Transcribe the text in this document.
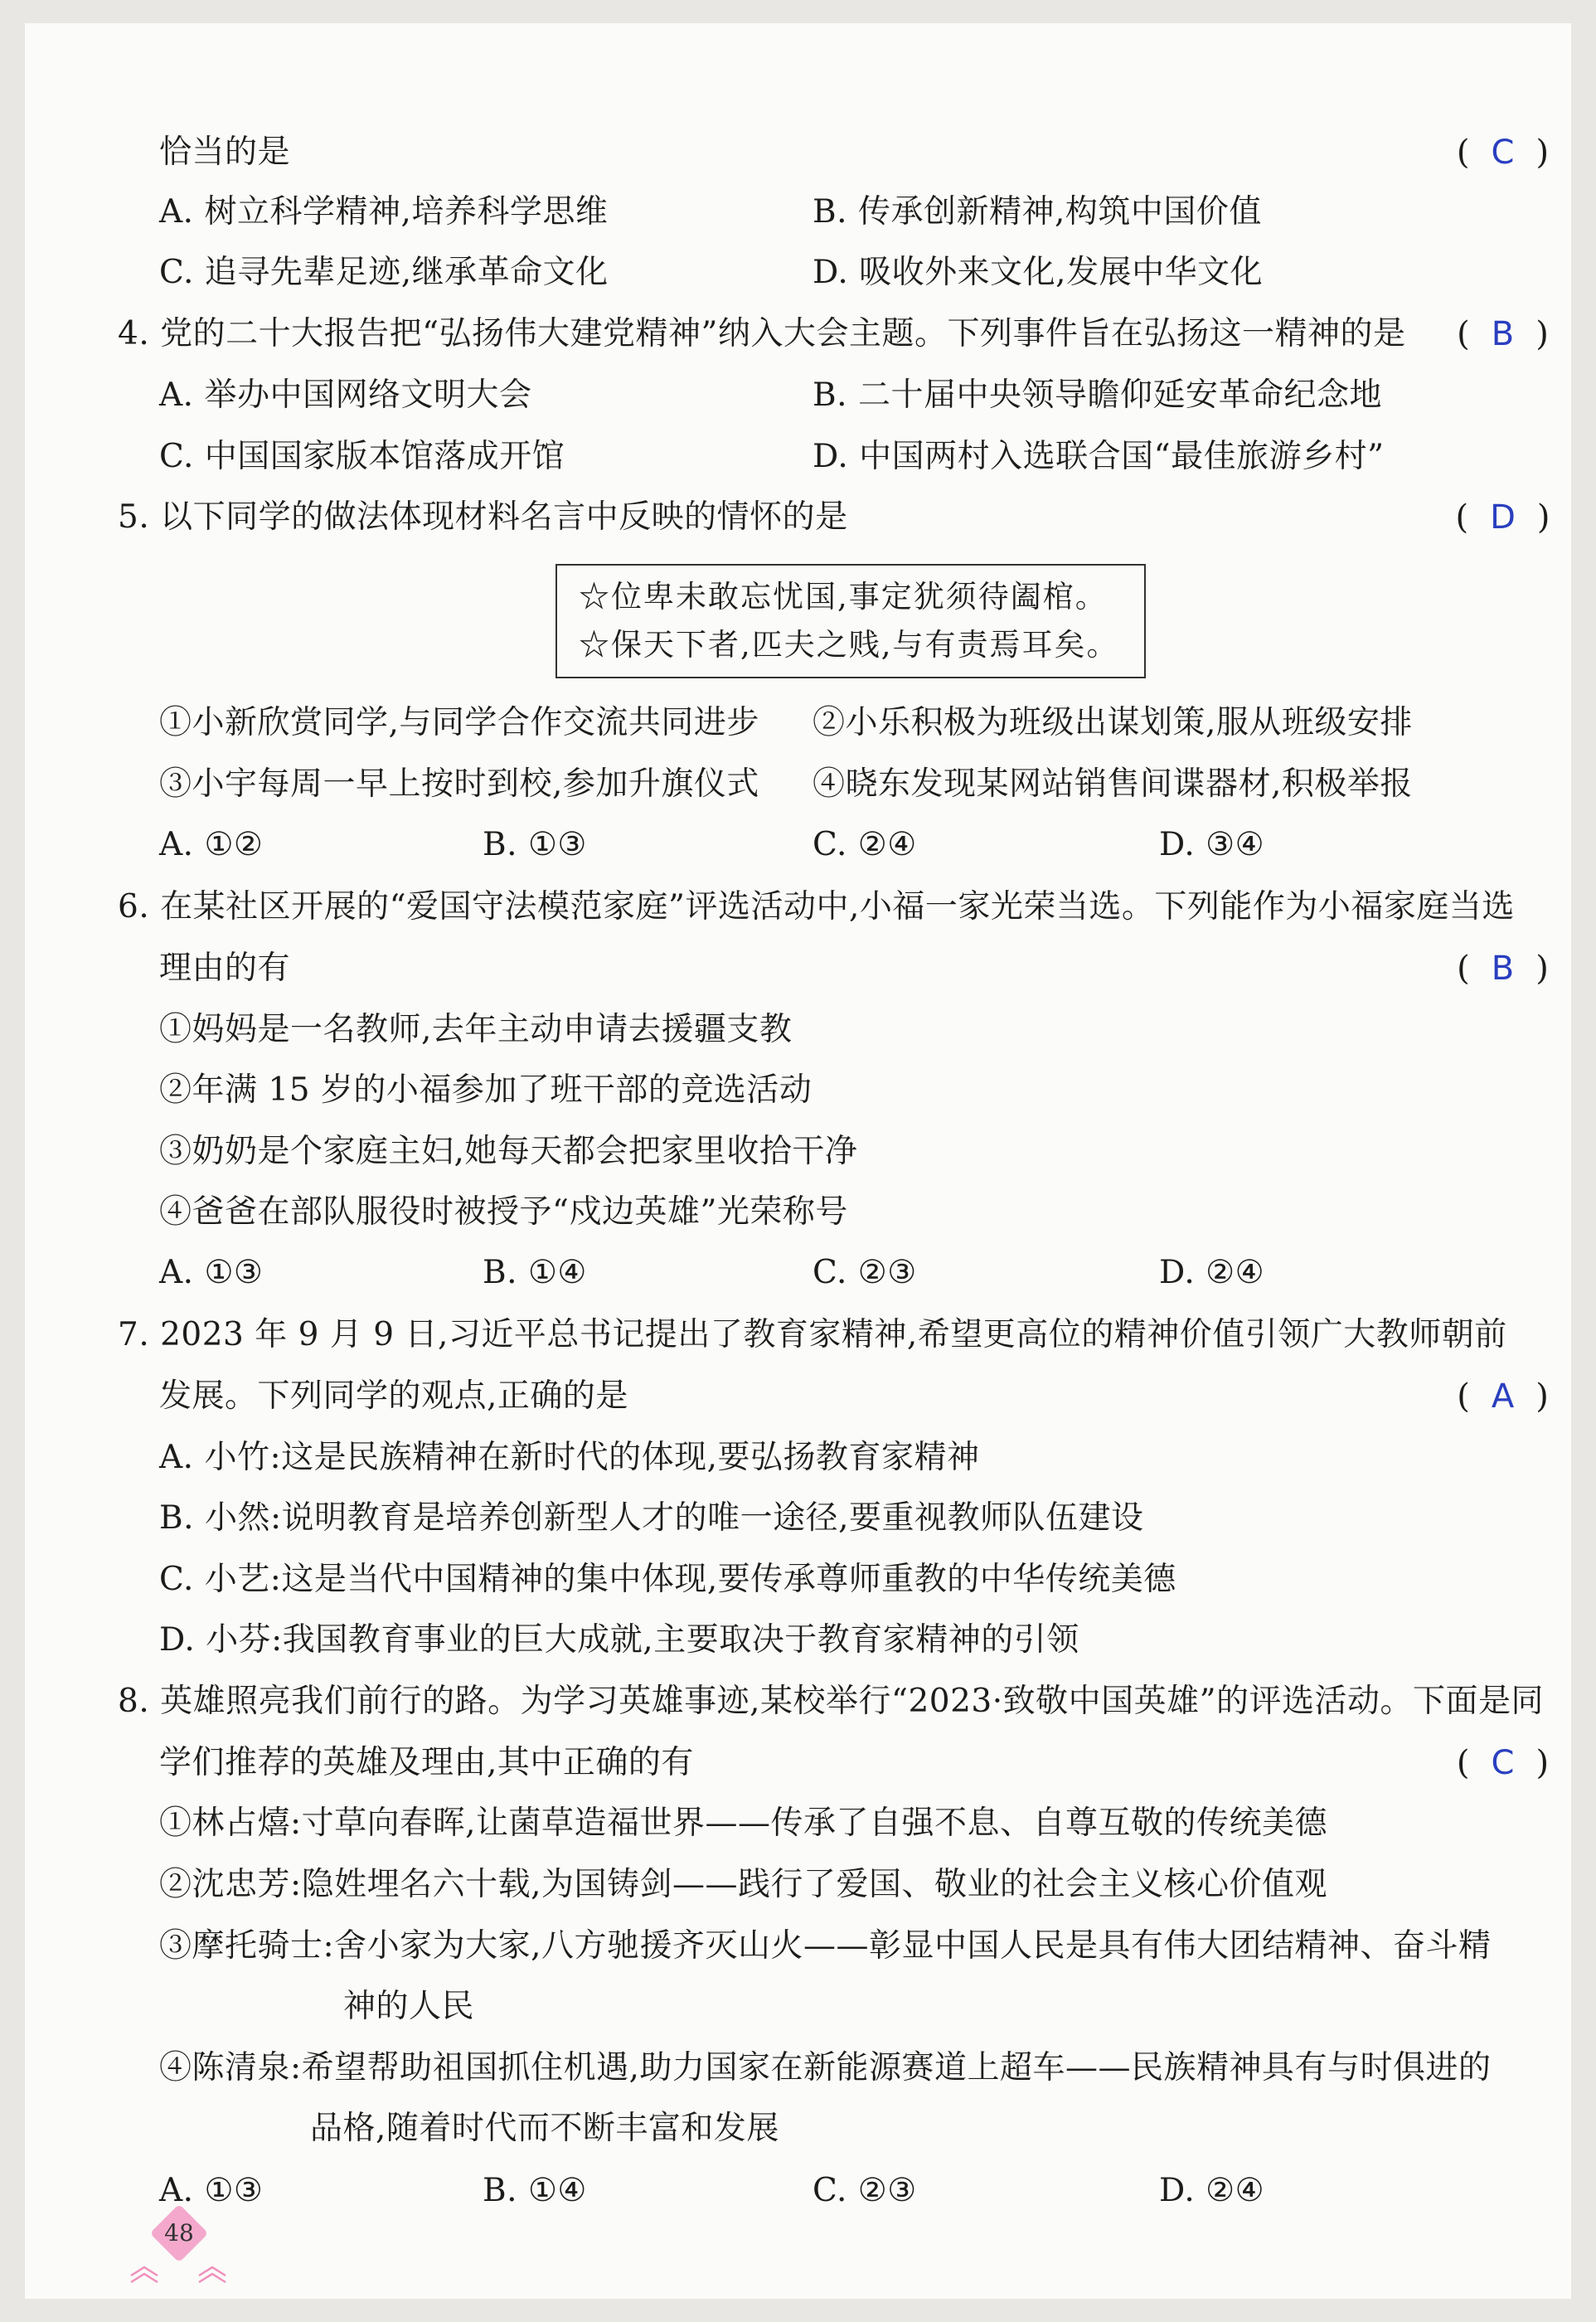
恰当的是	( C )
A. 树立科学精神,培养科学思维	B. 传承创新精神,构筑中国价值
C. 追寻先辈足迹,继承革命文化	D. 吸收外来文化,发展中华文化
4. 党的二十大报告把“弘扬伟大建党精神”纳入大会主题。下列事件旨在弘扬这一精神的是	( B )
A. 举办中国网络文明大会	B. 二十届中央领导瞻仰延安革命纪念地
C. 中国国家版本馆落成开馆	D. 中国两村入选联合国“最佳旅游乡村”
5. 以下同学的做法体现材料名言中反映的情怀的是	( D )
☆位卑未敢忘忧国,事定犹须待阖棺。
☆保天下者,匹夫之贱,与有责焉耳矣。
①小新欣赏同学,与同学合作交流共同进步 ②小乐积极为班级出谋划策,服从班级安排
③小宇每周一早上按时到校,参加升旗仪式 ④晓东发现某网站销售间谍器材,积极举报
A. ①②	B. ①③	C. ②④	D. ③④
6. 在某社区开展的“爱国守法模范家庭”评选活动中,小福一家光荣当选。下列能作为小福家庭当选
理由的有	( B )
①妈妈是一名教师,去年主动申请去援疆支教
②年满 15 岁的小福参加了班干部的竞选活动
③奶奶是个家庭主妇,她每天都会把家里收拾干净
④爸爸在部队服役时被授予“戍边英雄”光荣称号
A. ①③	B. ①④	C. ②③	D. ②④
7. 2023 年 9 月 9 日,习近平总书记提出了教育家精神,希望更高位的精神价值引领广大教师朝前
发展。下列同学的观点,正确的是	( A )
A. 小竹:这是民族精神在新时代的体现,要弘扬教育家精神
B. 小然:说明教育是培养创新型人才的唯一途径,要重视教师队伍建设
C. 小艺:这是当代中国精神的集中体现,要传承尊师重教的中华传统美德
D. 小芬:我国教育事业的巨大成就,主要取决于教育家精神的引领
8. 英雄照亮我们前行的路。为学习英雄事迹,某校举行“2023·致敬中国英雄”的评选活动。下面是同
学们推荐的英雄及理由,其中正确的有	( C )
①林占熺:寸草向春晖,让菌草造福世界——传承了自强不息、自尊互敬的传统美德
②沈忠芳:隐姓埋名六十载,为国铸剑——践行了爱国、敬业的社会主义核心价值观
③摩托骑士:舍小家为大家,八方驰援齐灭山火——彰显中国人民是具有伟大团结精神、奋斗精
神的人民
④陈清泉:希望帮助祖国抓住机遇,助力国家在新能源赛道上超车——民族精神具有与时俱进的
品格,随着时代而不断丰富和发展
A. ①③	B. ①④	C. ②③	D. ②④
48
